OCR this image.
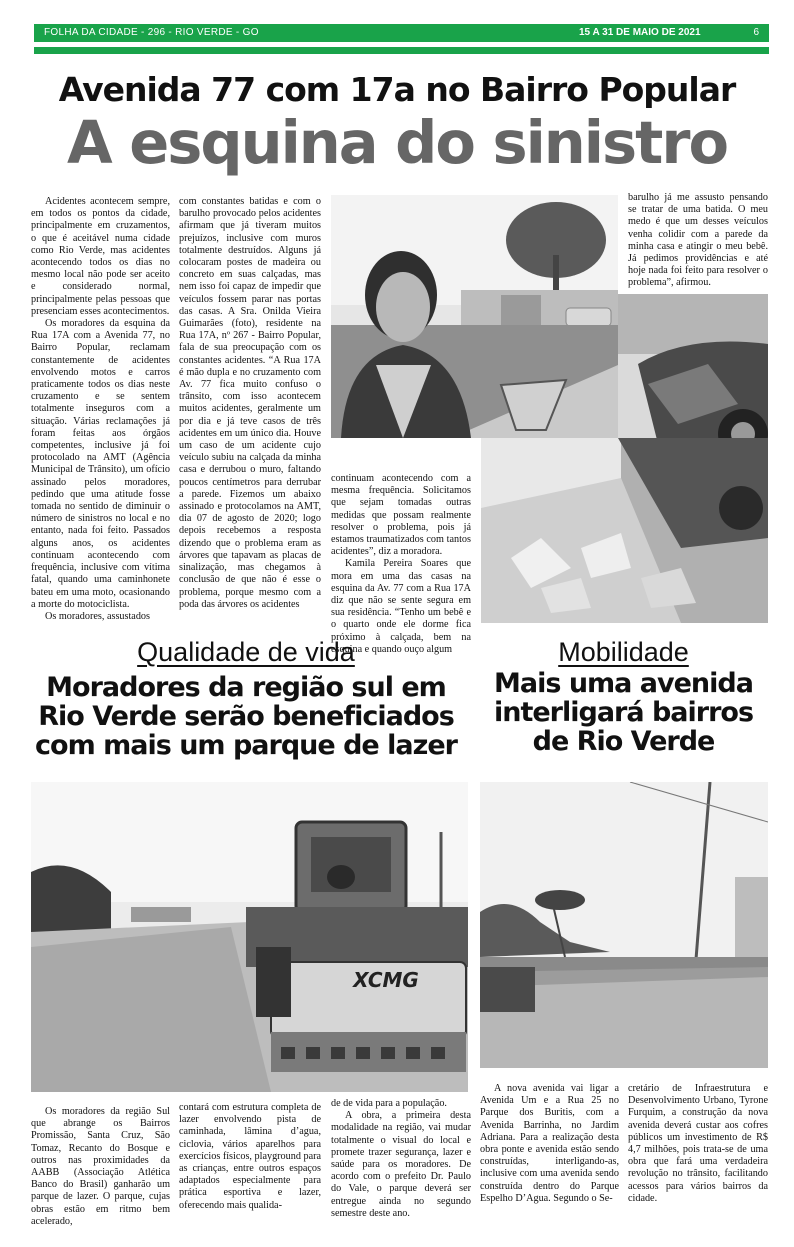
FOLHA DA CIDADE - 296 - RIO VERDE - GO	15 A 31 DE MAIO DE 2021	6
Avenida 77 com 17a no Bairro Popular
A esquina do sinistro

Acidentes acontecem sempre, em todos os pontos da cidade, principalmente em cruzamentos, o que é aceitável numa cidade como Rio Verde, mas acidentes acontecendo todos os dias no mesmo local não pode ser aceito e considerado normal, principalmente pelas pessoas que presenciam esses acontecimentos.

Os moradores da esquina da Rua 17A com a Avenida 77, no Bairro Popular, reclamam constantemente de acidentes envolvendo motos e carros praticamente todos os dias neste cruzamento e se sentem totalmente inseguros com a situação. Várias reclamações já foram feitas aos órgãos competentes, inclusive já foi protocolado na AMT (Agência Municipal de Trânsito), um ofício assinado pelos moradores, pedindo que uma atitude fosse tomada no sentido de diminuir o número de sinistros no local e no entanto, nada foi feito. Passados alguns anos, os acidentes continuam acontecendo com frequência, inclusive com vítima fatal, quando uma caminhonete bateu em uma moto, ocasionando a morte do motociclista.

Os moradores, assustados

com constantes batidas e com o barulho provocado pelos acidentes afirmam que já tiveram muitos prejuízos, inclusive com muros totalmente destruídos. Alguns já colocaram postes de madeira ou concreto em suas calçadas, mas nem isso foi capaz de impedir que veículos fossem parar nas portas das casas. A Sra. Onilda Vieira Guimarães (foto), residente na Rua 17A, nº 267 - Bairro Popular, fala de sua preocupação com os constantes acidentes. “A Rua 17A é mão dupla e no cruzamento com Av. 77 fica muito confuso o trânsito, com isso acontecem muitos acidentes, geralmente um por dia e já teve casos de três acidentes em um único dia. Houve um caso de um acidente cujo veículo subiu na calçada da minha casa e derrubou o muro, faltando poucos centímetros para derrubar a parede. Fizemos um abaixo assinado e protocolamos na AMT, dia 07 de agosto de 2020; logo depois recebemos a resposta dizendo que o problema eram as árvores que tapavam as placas de sinalização, mas chegamos à conclusão de que não é esse o problema, porque mesmo com a poda das árvores os acidentes

continuam acontecendo com a mesma frequência. Solicitamos que sejam tomadas outras medidas que possam realmente resolver o problema, pois já estamos traumatizados com tantos acidentes”, diz a moradora.

Kamila Pereira Soares que mora em uma das casas na esquina da Av. 77 com a Rua 17A diz que não se sente segura em sua residência. “Tenho um bebê e o quarto onde ele dorme fica próximo à calçada, bem na esquina e quando ouço algum

barulho já me assusto pensando se tratar de uma batida. O meu medo é que um desses veículos venha colidir com a parede da minha casa e atingir o meu bebê. Já pedimos providências e até hoje nada foi feito para resolver o problema”, afirmou.

Qualidade de vida
Moradores da região sul em Rio Verde serão beneficiados com mais um parque de lazer
Mobilidade
Mais uma avenida interligará bairros de Rio Verde
XCMG

Os moradores da região Sul que abrange os Bairros Promissão, Santa Cruz, São Tomaz, Recanto do Bosque e outros nas proximidades da AABB (Associação Atlética Banco do Brasil) ganharão um parque de lazer. O parque, cujas obras estão em ritmo bem acelerado,

contará com estrutura completa de lazer envolvendo pista de caminhada, lâmina d’agua, ciclovia, vários aparelhos para exercícios físicos, playground para as crianças, entre outros espaços adaptados especialmente para prática esportiva e lazer, oferecendo mais qualida-

de de vida para a população.

A obra, a primeira desta modalidade na região, vai mudar totalmente o visual do local e promete trazer segurança, lazer e saúde para os moradores. De acordo com o prefeito Dr. Paulo do Vale, o parque deverá ser entregue ainda no segundo semestre deste ano.

A nova avenida vai ligar a Avenida Um e a Rua 25 no Parque dos Buritis, com a Avenida Barrinha, no Jardim Adriana. Para a realização desta obra ponte e avenida estão sendo construídas, interligando-as, inclusive com uma avenida sendo construída dentro do Parque Espelho D’Agua. Segundo o Se-

cretário de Infraestrutura e Desenvolvimento Urbano, Tyrone Furquim, a construção da nova avenida deverá custar aos cofres públicos um investimento de R$ 4,7 milhões, pois trata-se de uma obra que fará uma verdadeira revolução no trânsito, facilitando acessos para vários bairros da cidade.
